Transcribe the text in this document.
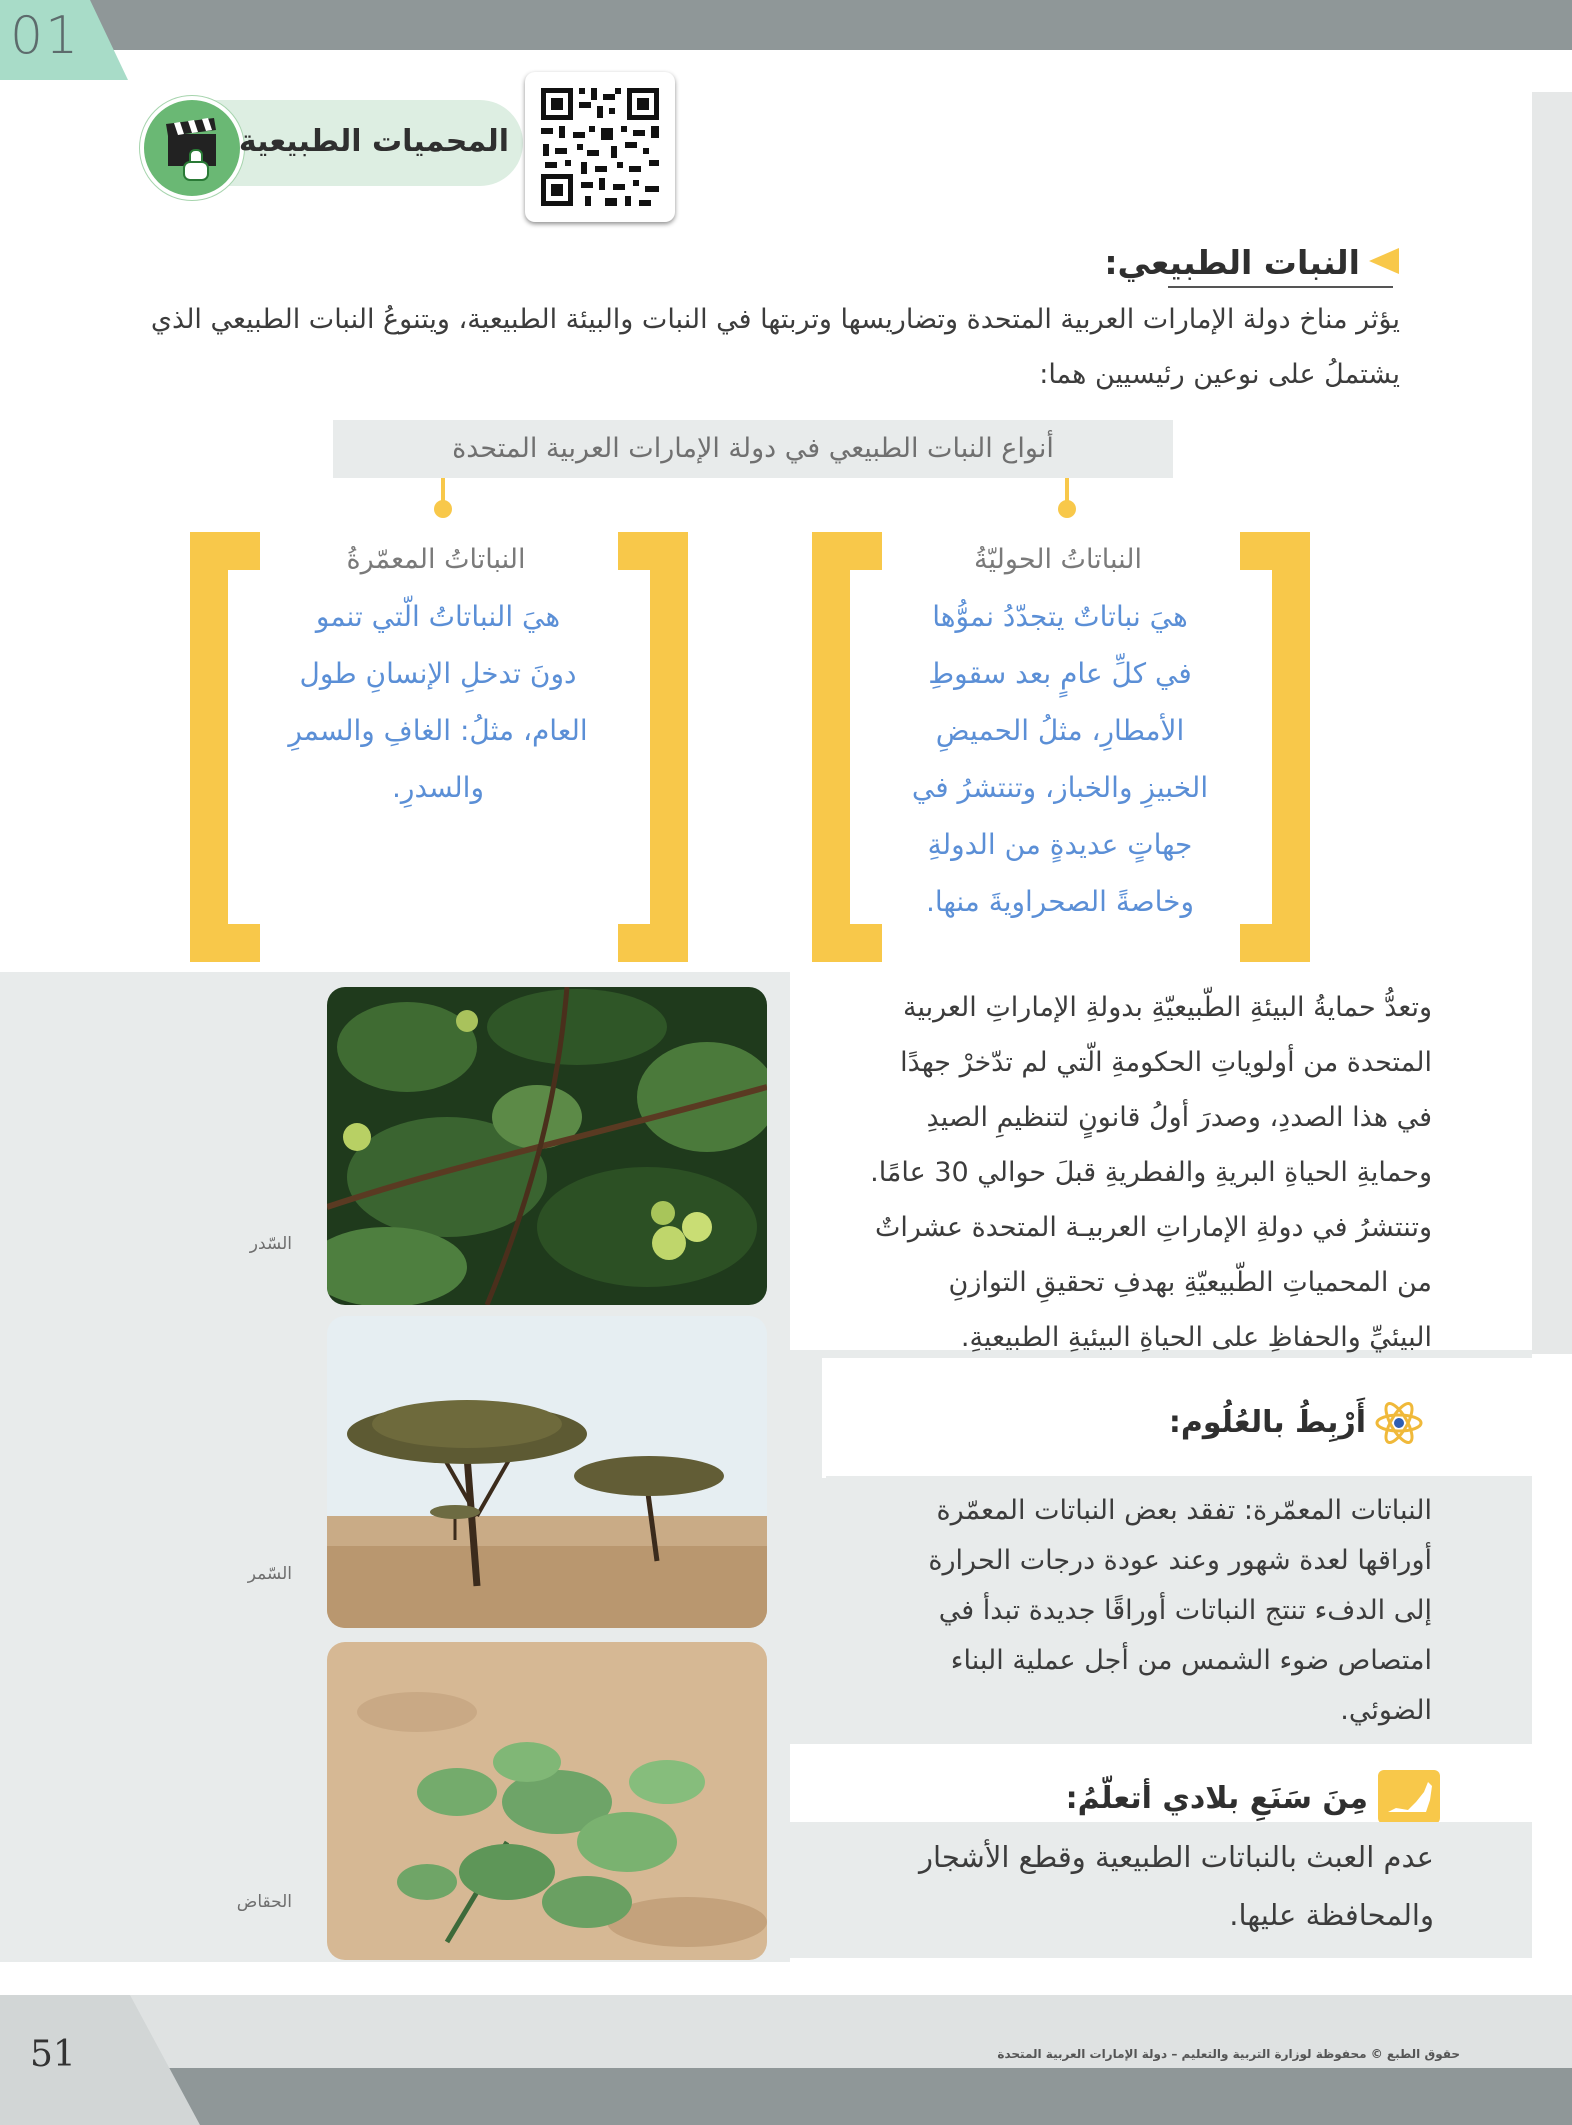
01
المحميات الطبيعية
النبات الطبيعي:
يؤثر مناخ دولة الإمارات العربية المتحدة وتضاريسها وتربتها في النبات والبيئة الطبيعية، ويتنوعُ النبات الطبيعي الذي يشتملُ على نوعين رئيسيين هما:
أنواع النبات الطبيعي في دولة الإمارات العربية المتحدة
النباتاتُ الحوليّةُ
هيَ نباتاتٌ يتجدّدُ نموُّها
في كلِّ عامٍ بعد سقوطِ
الأمطارِ، مثلُ الحميضِ
الخبيزِ والخباز، وتنتشرُ في
جهاتٍ عديدةٍ من الدولةِ
وخاصةً الصحراويةَ منها.
النباتاتُ المعمّرةُ
هيَ النباتاتُ الّتي تنمو
دونَ تدخلِ الإنسانِ طول
العام، مثلُ: الغافِ والسمرِ
والسدرِ.
السّدر
السّمر
الحقاض
وتعدُّ حمايةُ البيئةِ الطّبيعيّةِ بدولةِ الإماراتِ العربية
المتحدة من أولوياتِ الحكومةِ الّتي لم تدّخرْ جهدًا
في هذا الصددِ، وصدرَ أولُ قانونٍ لتنظيمِ الصيدِ
وحمايةِ الحياةِ البريةِ والفطريةِ قبلَ حوالي 30 عامًا.
وتنتشرُ في دولةِ الإماراتِ العربيـة المتحدة عشراتٌ
من المحمياتِ الطّبيعيّةِ بهدفِ تحقيقِ التوازنِ
البيئيِّ والحفاظِ على الحياةِ البيئيةِ الطبيعيةِ.
أَرْبِطُ بالعُلُوم:
النباتات المعمّرة: تفقد بعض النباتات المعمّرة
أوراقها لعدة شهور وعند عودة درجات الحرارة
إلى الدفء تنتج النباتات أوراقًا جديدة تبدأ في
امتصاص ضوء الشمس من أجل عملية البناء
الضوئي.
مِنَ سَنَعِ بلادي أتعلّمُ:
عدم العبث بالنباتات الطبيعية وقطع الأشجار
والمحافظة عليها.
51	حقوق الطبع © محفوظة لوزارة التربية والتعليم – دولة الإمارات العربية المتحدة
